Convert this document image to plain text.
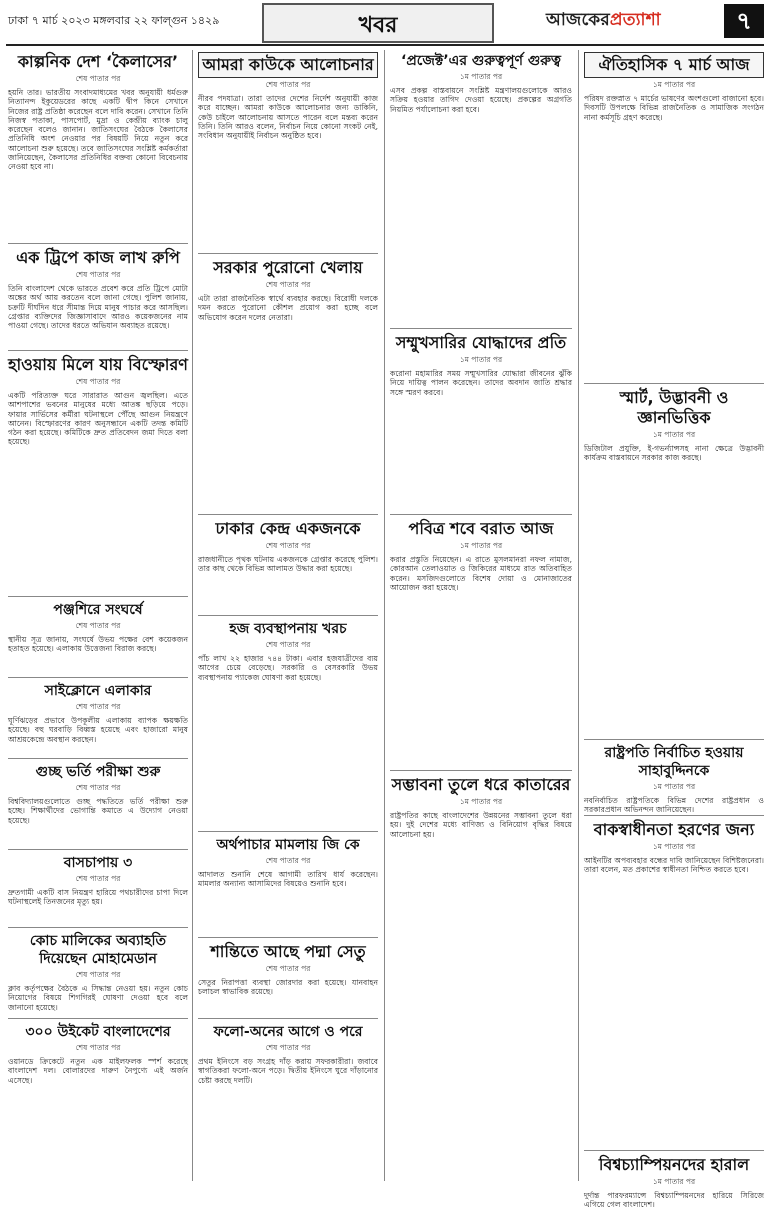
ঢাকা ৭ মার্চ ২০২৩ মঙ্গলবার ২২ ফাল্গুন ১৪২৯	খবর	আজকেরপ্রত্যাশা	৭
কাল্পনিক দেশ ‘কৈলাসের’
শেষ পাতার পর
হয়নি তার। ভারতীয় সংবাদমাধ্যমের খবর অনুযায়ী ধর্মগুরু নিত্যানন্দ ইকুয়েডরের কাছে একটি দ্বীপ কিনে সেখানে নিজের রাষ্ট্র প্রতিষ্ঠা করেছেন বলে দাবি করেন। সেখানে তিনি নিজস্ব পতাকা, পাসপোর্ট, মুদ্রা ও কেন্দ্রীয় ব্যাংক চালু করেছেন বলেও জানান। জাতিসংঘের বৈঠকে কৈলাসের প্রতিনিধি অংশ নেওয়ার পর বিষয়টি নিয়ে নতুন করে আলোচনা শুরু হয়েছে। তবে জাতিসংঘের সংশ্লিষ্ট কর্মকর্তারা জানিয়েছেন, কৈলাসের প্রতিনিধির বক্তব্য কোনো বিবেচনায় নেওয়া হবে না।
এক ট্রিপে কাজ লাখ রুপি
শেষ পাতার পর
তিনি বাংলাদেশ থেকে ভারতে প্রবেশ করে প্রতি ট্রিপে মোটা অঙ্কের অর্থ আয় করতেন বলে জানা গেছে। পুলিশ জানায়, চক্রটি দীর্ঘদিন ধরে সীমান্ত দিয়ে মানুষ পাচার করে আসছিল। গ্রেপ্তার ব্যক্তিদের জিজ্ঞাসাবাদে আরও কয়েকজনের নাম পাওয়া গেছে। তাদের ধরতে অভিযান অব্যাহত রয়েছে।
হাওয়ায় মিলে যায় বিস্ফোরণ
শেষ পাতার পর
একটি পরিত্যক্ত ঘরে সারারাত আগুন জ্বলছিল। এতে আশপাশের ভবনের মানুষের মধ্যে আতঙ্ক ছড়িয়ে পড়ে। ফায়ার সার্ভিসের কর্মীরা ঘটনাস্থলে পৌঁছে আগুন নিয়ন্ত্রণে আনেন। বিস্ফোরণের কারণ অনুসন্ধানে একটি তদন্ত কমিটি গঠন করা হয়েছে। কমিটিকে দ্রুত প্রতিবেদন জমা দিতে বলা হয়েছে।
পঞ্জশিরে সংঘর্ষে
শেষ পাতার পর
স্থানীয় সূত্র জানায়, সংঘর্ষে উভয় পক্ষের বেশ কয়েকজন হতাহত হয়েছে। এলাকায় উত্তেজনা বিরাজ করছে।
সাইক্লোনে এলাকার
শেষ পাতার পর
ঘূর্ণিঝড়ের প্রভাবে উপকূলীয় এলাকায় ব্যাপক ক্ষয়ক্ষতি হয়েছে। বহু ঘরবাড়ি বিধ্বস্ত হয়েছে এবং হাজারো মানুষ আশ্রয়কেন্দ্রে অবস্থান করছেন।
গুচ্ছ ভর্তি পরীক্ষা শুরু
শেষ পাতার পর
বিশ্ববিদ্যালয়গুলোতে গুচ্ছ পদ্ধতিতে ভর্তি পরীক্ষা শুরু হচ্ছে। শিক্ষার্থীদের ভোগান্তি কমাতে এ উদ্যোগ নেওয়া হয়েছে।
বাসচাপায় ৩
শেষ পাতার পর
দ্রুতগামী একটি বাস নিয়ন্ত্রণ হারিয়ে পথচারীদের চাপা দিলে ঘটনাস্থলেই তিনজনের মৃত্যু হয়।
কোচ মালিকের অব্যাহতি দিয়েছেন মোহামেডান
শেষ পাতার পর
ক্লাব কর্তৃপক্ষের বৈঠকে এ সিদ্ধান্ত নেওয়া হয়। নতুন কোচ নিয়োগের বিষয়ে শিগগিরই ঘোষণা দেওয়া হবে বলে জানানো হয়েছে।
৩০০ উইকেট বাংলাদেশের
শেষ পাতার পর
ওয়ানডে ক্রিকেটে নতুন এক মাইলফলক স্পর্শ করেছে বাংলাদেশ দল। বোলারদের দারুণ নৈপুণ্যে এই অর্জন এসেছে।
আমরা কাউকে আলোচনার
শেষ পাতার পর
নীরব পদযাত্রা। তারা তাদের দেশের নির্দেশ অনুযায়ী কাজ করে যাচ্ছেন। আমরা কাউকে আলোচনার জন্য ডাকিনি, কেউ চাইলে আলোচনায় আসতে পারেন বলে মন্তব্য করেন তিনি। তিনি আরও বলেন, নির্বাচন নিয়ে কোনো সংকট নেই, সংবিধান অনুযায়ীই নির্বাচন অনুষ্ঠিত হবে।
সরকার পুরোনো খেলায়
শেষ পাতার পর
এটা তারা রাজনৈতিক স্বার্থে ব্যবহার করছে। বিরোধী দলকে দমন করতে পুরোনো কৌশল প্রয়োগ করা হচ্ছে বলে অভিযোগ করেন দলের নেতারা।
ঢাকার কেন্দ্র একজনকে
শেষ পাতার পর
রাজধানীতে পৃথক ঘটনায় একজনকে গ্রেপ্তার করেছে পুলিশ। তার কাছ থেকে বিভিন্ন আলামত উদ্ধার করা হয়েছে।
হজ ব্যবস্থাপনায় খরচ
শেষ পাতার পর
পাঁচ লাখ ২২ হাজার ৭৪৪ টাকা। এবার হজযাত্রীদের ব্যয় আগের চেয়ে বেড়েছে। সরকারি ও বেসরকারি উভয় ব্যবস্থাপনায় প্যাকেজ ঘোষণা করা হয়েছে।
অর্থপাচার মামলায় জি কে
শেষ পাতার পর
আদালত শুনানি শেষে আগামী তারিখ ধার্য করেছেন। মামলার অন্যান্য আসামিদের বিষয়েও শুনানি হবে।
শান্তিতে আছে পদ্মা সেতু
শেষ পাতার পর
সেতুর নিরাপত্তা ব্যবস্থা জোরদার করা হয়েছে। যানবাহন চলাচল স্বাভাবিক রয়েছে।
ফলো-অনের আগে ও পরে
শেষ পাতার পর
প্রথম ইনিংসে বড় সংগ্রহ দাঁড় করায় সফরকারীরা। জবাবে স্বাগতিকরা ফলো-অনে পড়ে। দ্বিতীয় ইনিংসে ঘুরে দাঁড়ানোর চেষ্টা করছে দলটি।
‘প্রজেক্ট’এর গুরুত্বপূর্ণ গুরুত্ব
১ম পাতার পর
এসব প্রকল্প বাস্তবায়নে সংশ্লিষ্ট মন্ত্রণালয়গুলোকে আরও সক্রিয় হওয়ার তাগিদ দেওয়া হয়েছে। প্রকল্পের অগ্রগতি নিয়মিত পর্যালোচনা করা হবে।
সম্মুখসারির যোদ্ধাদের প্রতি
১ম পাতার পর
করোনা মহামারির সময় সম্মুখসারির যোদ্ধারা জীবনের ঝুঁকি নিয়ে দায়িত্ব পালন করেছেন। তাদের অবদান জাতি শ্রদ্ধার সঙ্গে স্মরণ করবে।
পবিত্র শবে বরাত আজ
১ম পাতার পর
করার প্রস্তুতি নিয়েছেন। এ রাতে মুসলমানরা নফল নামাজ, কোরআন তেলাওয়াত ও জিকিরের মাধ্যমে রাত অতিবাহিত করেন। মসজিদগুলোতে বিশেষ দোয়া ও মোনাজাতের আয়োজন করা হয়েছে।
সম্ভাবনা তুলে ধরে কাতারের
১ম পাতার পর
রাষ্ট্রপতির কাছে বাংলাদেশের উন্নয়নের সম্ভাবনা তুলে ধরা হয়। দুই দেশের মধ্যে বাণিজ্য ও বিনিয়োগ বৃদ্ধির বিষয়ে আলোচনা হয়।
ঐতিহাসিক ৭ মার্চ আজ
১ম পাতার পর
পরিষদ রক্তস্নাত ৭ মার্চের ভাষণের অংশগুলো বাজানো হবে। দিবসটি উপলক্ষে বিভিন্ন রাজনৈতিক ও সামাজিক সংগঠন নানা কর্মসূচি গ্রহণ করেছে।
স্মার্ট, উদ্ভাবনী ও জ্ঞানভিত্তিক
১ম পাতার পর
ডিজিটাল প্রযুক্তি, ই-গভর্ন্যান্সসহ নানা ক্ষেত্রে উদ্ভাবনী কার্যক্রম বাস্তবায়নে সরকার কাজ করছে।
রাষ্ট্রপতি নির্বাচিত হওয়ায় সাহাবুদ্দিনকে
১ম পাতার পর
নবনির্বাচিত রাষ্ট্রপতিকে বিভিন্ন দেশের রাষ্ট্রপ্রধান ও সরকারপ্রধান অভিনন্দন জানিয়েছেন।
বাকস্বাধীনতা হরণের জন্য
১ম পাতার পর
আইনটির অপব্যবহার বন্ধের দাবি জানিয়েছেন বিশিষ্টজনেরা। তারা বলেন, মত প্রকাশের স্বাধীনতা নিশ্চিত করতে হবে।
বিশ্বচ্যাম্পিয়নদের হারাল
১ম পাতার পর
দুর্দান্ত পারফরম্যান্সে বিশ্বচ্যাম্পিয়নদের হারিয়ে সিরিজে এগিয়ে গেল বাংলাদেশ।
